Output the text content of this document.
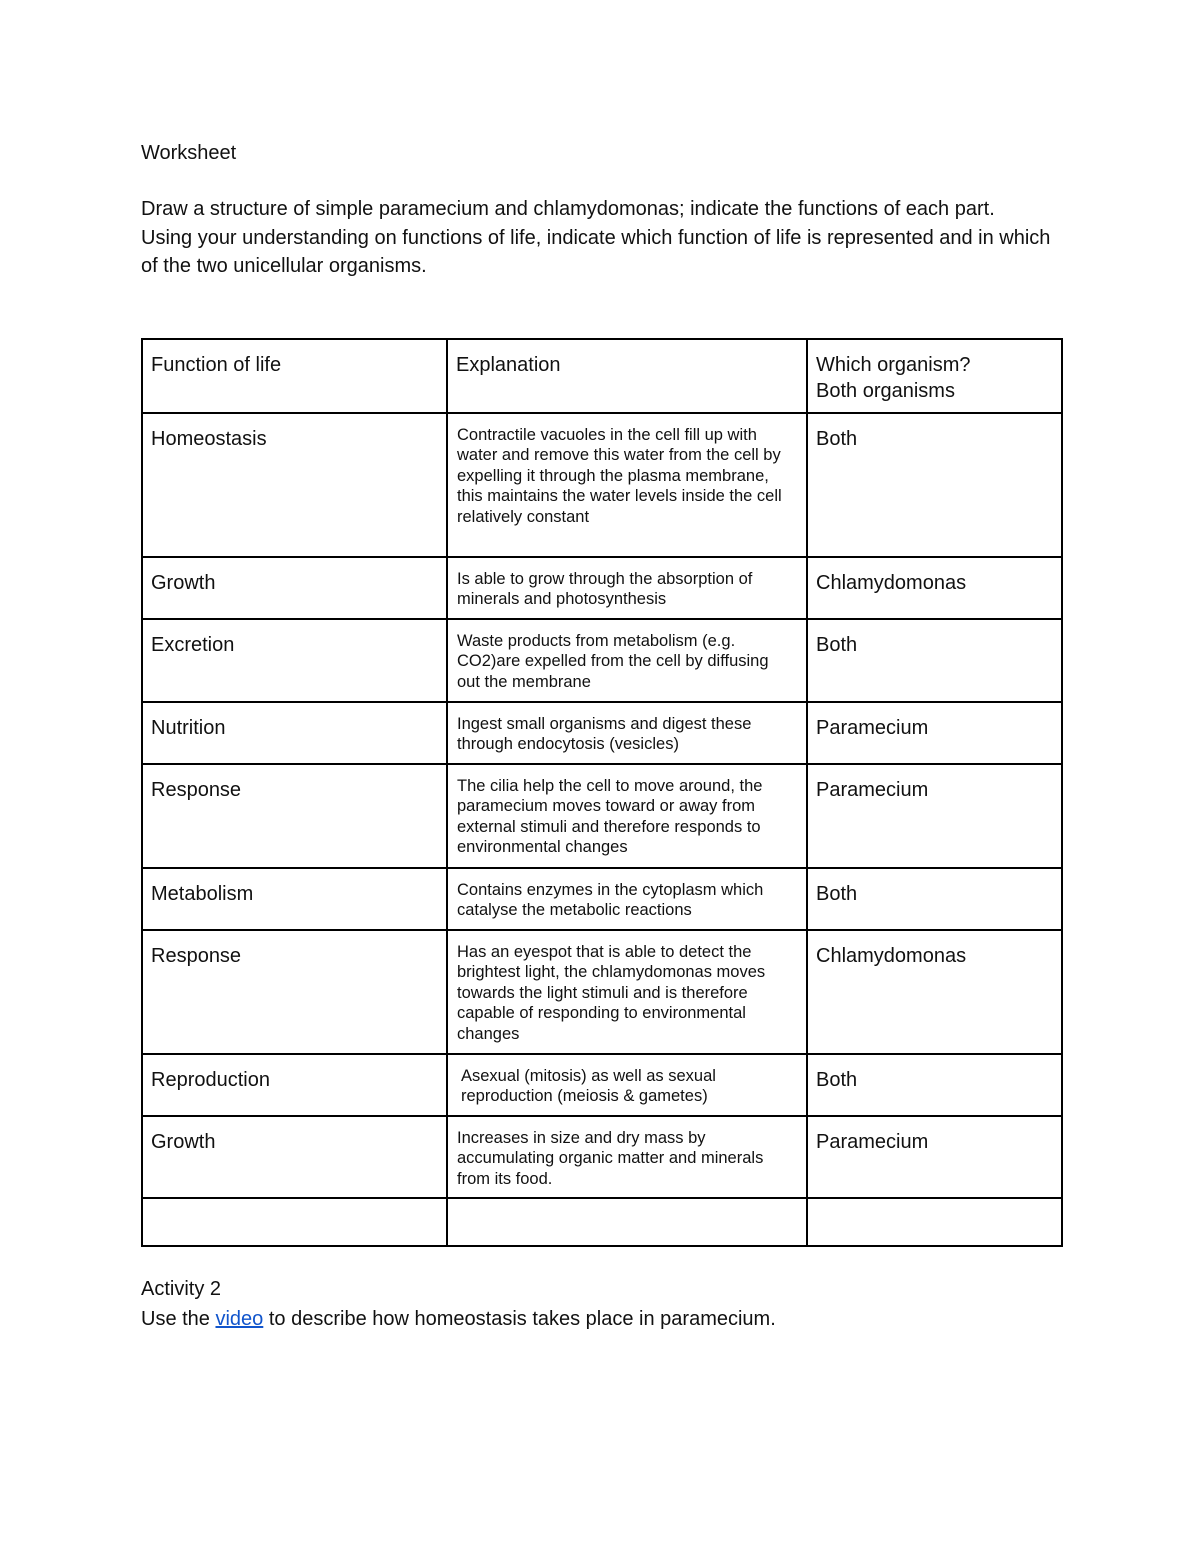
Worksheet

Draw a structure of simple paramecium and chlamydomonas; indicate the functions of each part.

Using your understanding on functions of life, indicate which function of life is represented and in which of the two unicellular organisms.

Function of life	Explanation	Which organism?
Both organisms

Homeostasis	Contractile vacuoles in the cell fill up with water and remove this water from the cell by expelling it through the plasma membrane, this maintains the water levels inside the cell relatively constant	Both
Growth	Is able to grow through the absorption of minerals and photosynthesis	Chlamydomonas
Excretion	Waste products from metabolism (e.g. CO2)are expelled from the cell by diffusing out the membrane	Both
Nutrition	Ingest small organisms and digest these through endocytosis (vesicles)	Paramecium
Response	The cilia help the cell to move around, the paramecium moves toward or away from external stimuli and therefore responds to environmental changes	Paramecium
Metabolism	Contains enzymes in the cytoplasm which catalyse the metabolic reactions	Both
Response	Has an eyespot that is able to detect the brightest light, the chlamydomonas moves towards the light stimuli and is therefore capable of responding to environmental changes	Chlamydomonas
Reproduction	Asexual (mitosis) as well as sexual reproduction (meiosis & gametes)	Both
Growth	Increases in size and dry mass by accumulating organic matter and minerals from its food.	Paramecium

Activity 2

Use the video to describe how homeostasis takes place in paramecium.
